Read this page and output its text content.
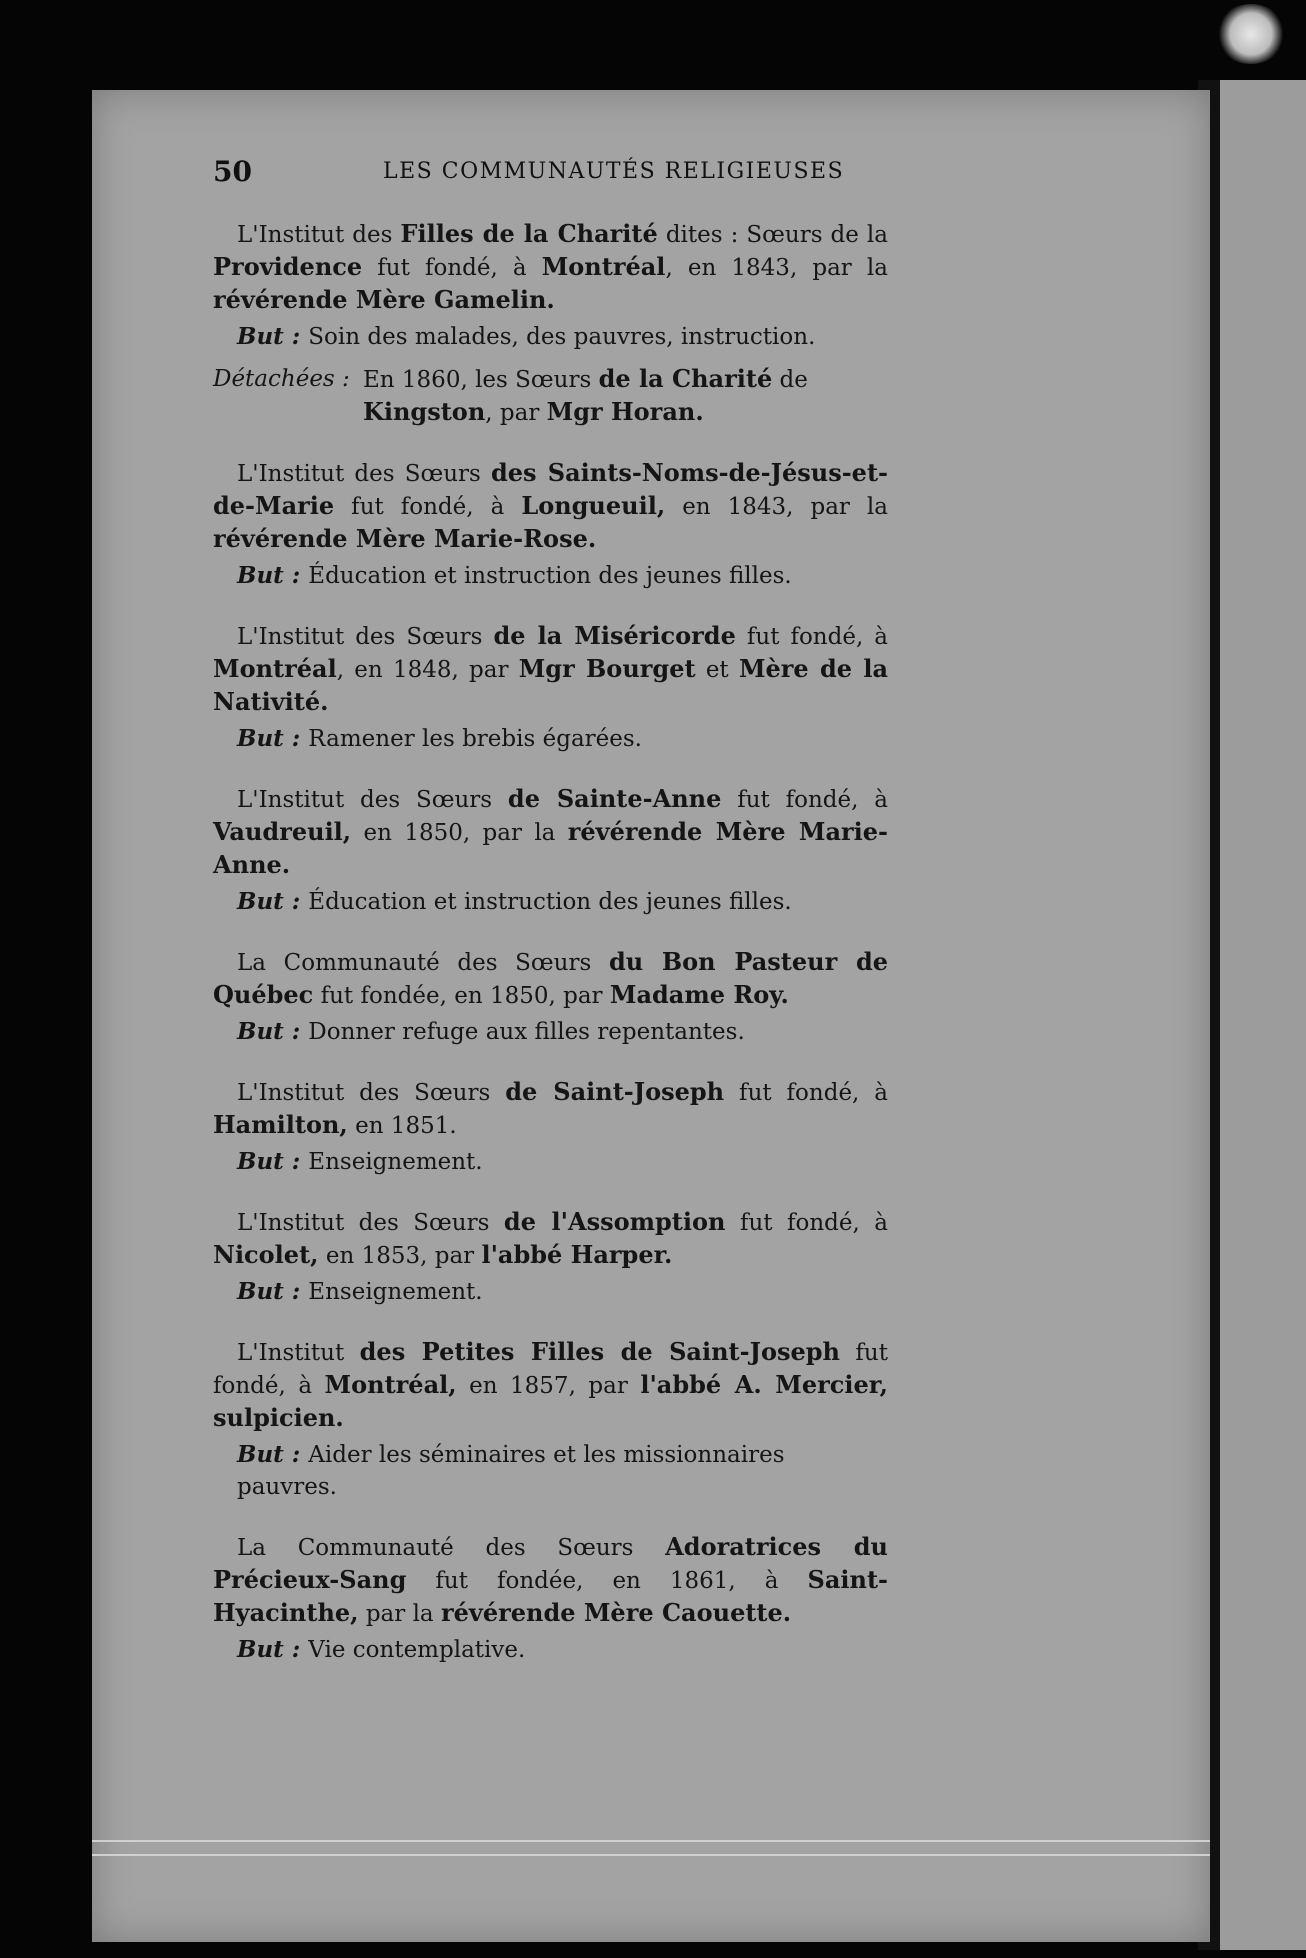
50	LES COMMUNAUTÉS RELIGIEUSES

L'Institut des Filles de la Charité dites : Sœurs de la Providence fut fondé, à Montréal, en 1843, par la révérende Mère Gamelin.

But : Soin des malades, des pauvres, instruction.
Détachées : En 1860, les Sœurs de la Charité de Kingston, par Mgr Horan.

L'Institut des Sœurs des Saints-Noms-de-Jésus-et-de-Marie fut fondé, à Longueuil, en 1843, par la révérende Mère Marie-Rose.

But : Éducation et instruction des jeunes filles.

L'Institut des Sœurs de la Miséricorde fut fondé, à Montréal, en 1848, par Mgr Bourget et Mère de la Nativité.

But : Ramener les brebis égarées.

L'Institut des Sœurs de Sainte-Anne fut fondé, à Vaudreuil, en 1850, par la révérende Mère Marie-Anne.

But : Éducation et instruction des jeunes filles.

La Communauté des Sœurs du Bon Pasteur de Québec fut fondée, en 1850, par Madame Roy.

But : Donner refuge aux filles repentantes.

L'Institut des Sœurs de Saint-Joseph fut fondé, à Hamilton, en 1851.

But : Enseignement.

L'Institut des Sœurs de l'Assomption fut fondé, à Nicolet, en 1853, par l'abbé Harper.

But : Enseignement.

L'Institut des Petites Filles de Saint-Joseph fut fondé, à Montréal, en 1857, par l'abbé A. Mercier, sulpicien.

But : Aider les séminaires et les missionnaires pauvres.

La Communauté des Sœurs Adoratrices du Précieux-Sang fut fondée, en 1861, à Saint-Hyacinthe, par la révérende Mère Caouette.

But : Vie contemplative.
